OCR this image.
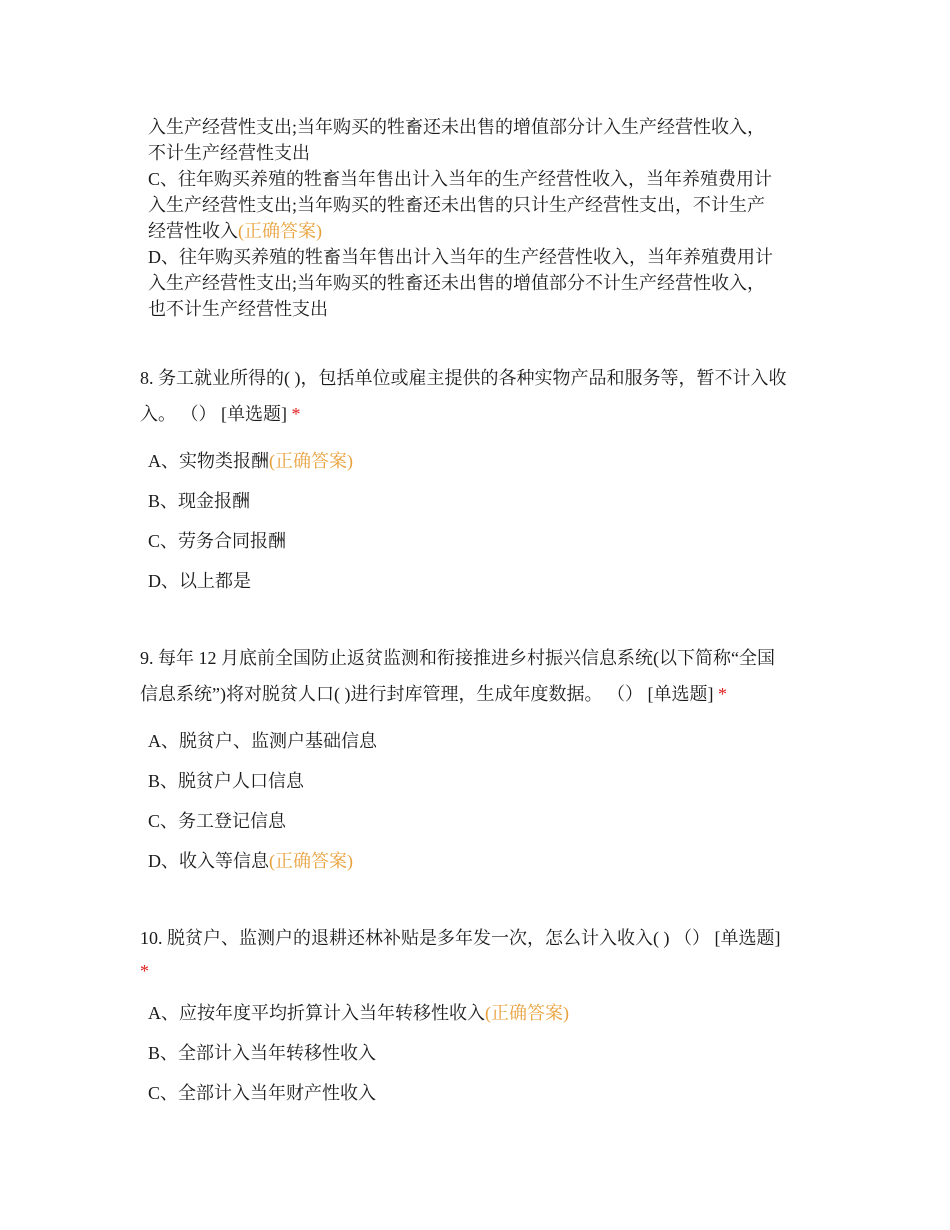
入生产经营性支出;当年购买的牲畜还未出售的增值部分计入生产经营性收入，
不计生产经营性支出
C、往年购买养殖的牲畜当年售出计入当年的生产经营性收入，当年养殖费用计
入生产经营性支出;当年购买的牲畜还未出售的只计生产经营性支出，不计生产
经营性收入(正确答案)
D、往年购买养殖的牲畜当年售出计入当年的生产经营性收入，当年养殖费用计
入生产经营性支出;当年购买的牲畜还未出售的增值部分不计生产经营性收入，
也不计生产经营性支出
8. 务工就业所得的( )，包括单位或雇主提供的各种实物产品和服务等，暂不计入收
入。 （） [单选题] *
A、实物类报酬(正确答案)
B、现金报酬
C、劳务合同报酬
D、以上都是
9. 每年 12 月底前全国防止返贫监测和衔接推进乡村振兴信息系统(以下简称“全国
信息系统”)将对脱贫人口( )进行封库管理，生成年度数据。 （） [单选题] *
A、脱贫户、监测户基础信息
B、脱贫户人口信息
C、务工登记信息
D、收入等信息(正确答案)
10. 脱贫户、监测户的退耕还林补贴是多年发一次，怎么计入收入( ) （） [单选题]
*
A、应按年度平均折算计入当年转移性收入(正确答案)
B、全部计入当年转移性收入
C、全部计入当年财产性收入
